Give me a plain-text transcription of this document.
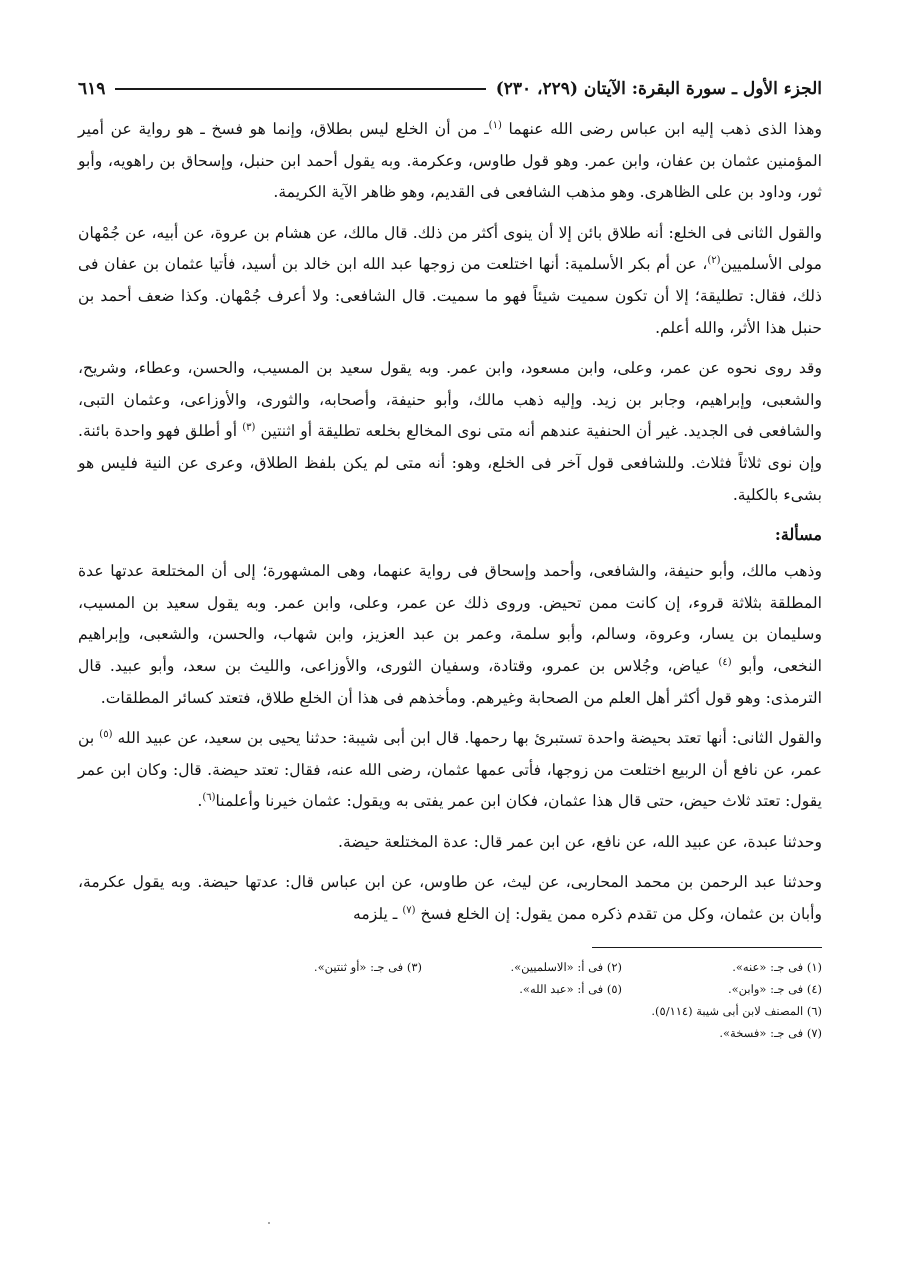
الجزء الأول ـ سورة البقرة: الآيتان (٢٢٩، ٢٣٠)
٦١٩

وهذا الذى ذهب إليه ابن عباس رضى الله عنهما $^{(١)}$ـ من أن الخلع ليس بطلاق، وإنما هو فسخ ـ هو رواية عن أمير المؤمنين عثمان بن عفان، وابن عمر. وهو قول طاوس، وعكرمة. وبه يقول أحمد ابن حنبل، وإسحاق بن راهويه، وأبو ثور، وداود بن على الظاهرى. وهو مذهب الشافعى فى القديم، وهو ظاهر الآية الكريمة.

والقول الثانى فى الخلع: أنه طلاق بائن إلا أن ينوى أكثر من ذلك. قال مالك، عن هشام بن عروة، عن أبيه، عن جُمْهان مولى الأسلميين$^{(٢)}$، عن أم بكر الأسلمية: أنها اختلعت من زوجها عبد الله ابن خالد بن أسيد، فأتيا عثمان بن عفان فى ذلك، فقال: تطليقة؛ إلا أن تكون سميت شيئاً فهو ما سميت. قال الشافعى: ولا أعرف جُمْهان. وكذا ضعف أحمد بن حنبل هذا الأثر، والله أعلم.

وقد روى نحوه عن عمر، وعلى، وابن مسعود، وابن عمر. وبه يقول سعيد بن المسيب، والحسن، وعطاء، وشريح، والشعبى، وإبراهيم، وجابر بن زيد. وإليه ذهب مالك، وأبو حنيفة، وأصحابه، والثورى، والأوزاعى، وعثمان التبى، والشافعى فى الجديد. غير أن الحنفية عندهم أنه متى نوى المخالع بخلعه تطليقة أو اثنتين $^{(٣)}$ أو أطلق فهو واحدة بائنة. وإن نوى ثلاثاً فثلاث. وللشافعى قول آخر فى الخلع، وهو: أنه متى لم يكن بلفظ الطلاق، وعرى عن النية فليس هو بشىء بالكلية.

مسألة:

وذهب مالك، وأبو حنيفة، والشافعى، وأحمد وإسحاق فى رواية عنهما، وهى المشهورة؛ إلى أن المختلعة عدتها عدة المطلقة بثلاثة قروء، إن كانت ممن تحيض. وروى ذلك عن عمر، وعلى، وابن عمر. وبه يقول سعيد بن المسيب، وسليمان بن يسار، وعروة، وسالم، وأبو سلمة، وعمر بن عبد العزيز، وابن شهاب، والحسن، والشعبى، وإبراهيم النخعى، وأبو $^{(٤)}$ عياض، وجُلاس بن عمرو، وقتادة، وسفيان الثورى، والأوزاعى، والليث بن سعد، وأبو عبيد. قال الترمذى: وهو قول أكثر أهل العلم من الصحابة وغيرهم. ومأخذهم فى هذا أن الخلع طلاق، فتعتد كسائر المطلقات.

والقول الثانى: أنها تعتد بحيضة واحدة تستبرئ بها رحمها. قال ابن أبى شيبة: حدثنا يحيى بن سعيد، عن عبيد الله $^{(٥)}$ بن عمر، عن نافع أن الربيع اختلعت من زوجها، فأتى عمها عثمان، رضى الله عنه، فقال: تعتد حيضة. قال: وكان ابن عمر يقول: تعتد ثلاث حيض، حتى قال هذا عثمان، فكان ابن عمر يفتى به ويقول: عثمان خيرنا وأعلمنا$^{(٦)}$.

وحدثنا عبدة، عن عبيد الله، عن نافع، عن ابن عمر قال: عدة المختلعة حيضة.

وحدثنا عبد الرحمن بن محمد المحاربى، عن ليث، عن طاوس، عن ابن عباس قال: عدتها حيضة. وبه يقول عكرمة، وأبان بن عثمان، وكل من تقدم ذكره ممن يقول: إن الخلع فسخ $^{(٧)}$ ـ يلزمه

(١) فى جـ: «عنه».
(٢) فى أ: «الاسلميين».
(٣) فى جـ: «أو ثنتين».
(٤) فى جـ: «وابن».
(٥) فى أ: «عبد الله».
(٦) المصنف لابن أبى شيبة (٥/١١٤).
(٧) فى جـ: «فسخة».
